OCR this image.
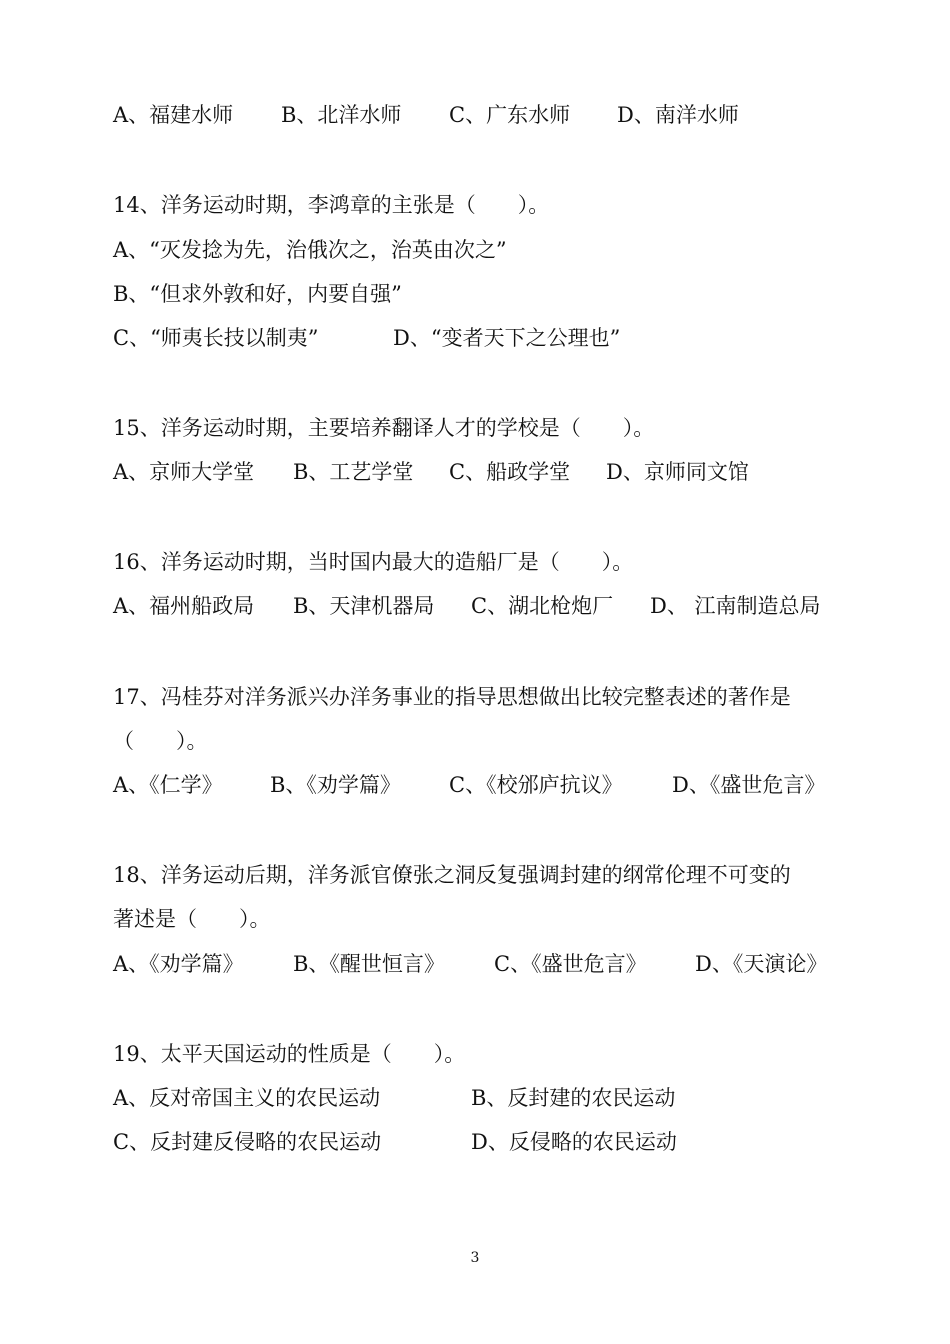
A、福建水师 B、北洋水师 C、广东水师 D、南洋水师

14、洋务运动时期，李鸿章的主张是（　　）。

A、“灭发捻为先，治俄次之，治英由次之”

B、“但求外敦和好，内要自强”

C、“师夷长技以制夷”	D、“变者天下之公理也”

15、洋务运动时期，主要培养翻译人才的学校是（　　）。

A、京师大学堂 B、工艺学堂 C、船政学堂 D、京师同文馆

16、洋务运动时期，当时国内最大的造船厂是（　　）。

A、福州船政局 B、天津机器局 C、湖北枪炮厂 D、 江南制造总局

17、冯桂芬对洋务派兴办洋务事业的指导思想做出比较完整表述的著作是

（　　）。

A、《仁学》 B、《劝学篇》 C、《校邠庐抗议》 D、《盛世危言》

18、洋务运动后期，洋务派官僚张之洞反复强调封建的纲常伦理不可变的

著述是（　　）。

A、《劝学篇》 B、《醒世恒言》 C、《盛世危言》 D、《天演论》

19、太平天国运动的性质是（　　）。

A、反对帝国主义的农民运动	B、反封建的农民运动
C、反封建反侵略的农民运动	D、反侵略的农民运动
3
